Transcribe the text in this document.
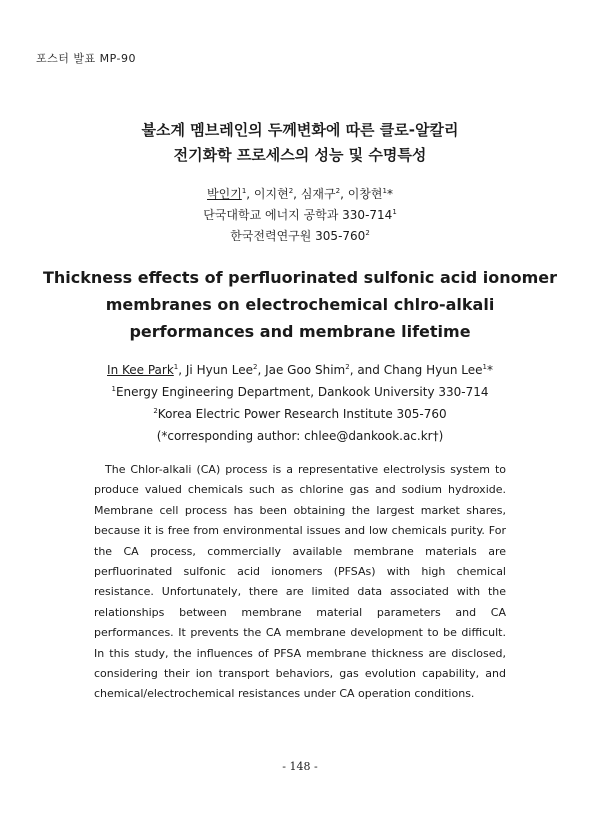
포스터 발표 MP-90
불소계 멤브레인의 두께변화에 따른 클로-알칼리
전기화학 프로세스의 성능 및 수명특성
박인기$^1$, 이지현$^2$, 심재구$^2$, 이창현$^1$*
단국대학교 에너지 공학과 $330-714^1$
한국전력연구원 $305-760^2$
Thickness effects of perfluorinated sulfonic acid ionomer
membranes on electrochemical chlro-alkali
performances and membrane lifetime
In Kee Park$^1$, Ji Hyun Lee$^2$, Jae Goo Shim$^2$, and Chang Hyun Lee$^1$*
$^1$Energy Engineering Department, Dankook University 330-714
$^2$Korea Electric Power Research Institute 305-760
(*corresponding author: chlee@dankook.ac.kr†)
The Chlor-alkali (CA) process is a representative electrolysis system to produce valued chemicals such as chlorine gas and sodium hydroxide. Membrane cell process has been obtaining the largest market shares, because it is free from environmental issues and low chemicals purity. For the CA process, commercially available membrane materials are perfluorinated sulfonic acid ionomers (PFSAs) with high chemical resistance. Unfortunately, there are limited data associated with the relationships between membrane material parameters and CA performances. It prevents the CA membrane development to be difficult. In this study, the influences of PFSA membrane thickness are disclosed, considering their ion transport behaviors, gas evolution capability, and chemical/electrochemical resistances under CA operation conditions.
- 148 -
